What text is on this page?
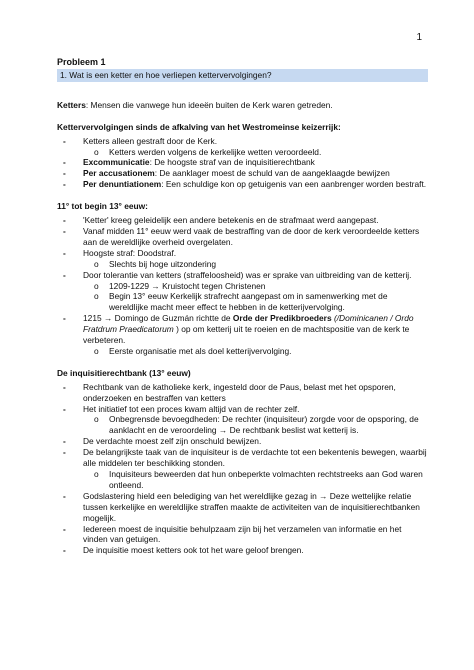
1

Probleem 1

1. Wat is een ketter en hoe verliepen kettervervolgingen?

Ketters: Mensen die vanwege hun ideeën buiten de Kerk waren getreden.

Kettervervolgingen sinds de afkalving van het Westromeinse keizerrijk:

- Ketters alleen gestraft door de Kerk.
o Ketters werden volgens de kerkelijke wetten veroordeeld.
- Excommunicatie: De hoogste straf van de inquisitierechtbank
- Per accusationem: De aanklager moest de schuld van de aangeklaagde bewijzen
- Per denuntiationem: Een schuldige kon op getuigenis van een aanbrenger worden bestraft.

11° tot begin 13° eeuw:

- 'Ketter' kreeg geleidelijk een andere betekenis en de strafmaat werd aangepast.
- Vanaf midden 11° eeuw werd vaak de bestraffing van de door de kerk veroordeelde ketters aan de wereldlijke overheid overgelaten.
- Hoogste straf: Doodstraf.
o Slechts bij hoge uitzondering
- Door tolerantie van ketters (straffeloosheid) was er sprake van uitbreiding van de ketterij.
o 1209-1229 → Kruistocht tegen Christenen
o Begin 13° eeuw Kerkelijk strafrecht aangepast om in samenwerking met de wereldlijke macht meer effect te hebben in de ketterijvervolging.
- 1215 → Domingo de Guzmán richtte de Orde der Predikbroeders (/Dominicanen / Ordo Fratdrum Praedicatorum ) op om ketterij uit te roeien en de machtspositie van de kerk te verbeteren.
o Eerste organisatie met als doel ketterijvervolging.

De inquisitierechtbank (13° eeuw)

- Rechtbank van de katholieke kerk, ingesteld door de Paus, belast met het opsporen, onderzoeken en bestraffen van ketters
- Het initiatief tot een proces kwam altijd van de rechter zelf.
o Onbegrensde bevoegdheden: De rechter (inquisiteur) zorgde voor de opsporing, de aanklacht en de veroordeling → De rechtbank beslist wat ketterij is.
- De verdachte moest zelf zijn onschuld bewijzen.
- De belangrijkste taak van de inquisiteur is de verdachte tot een bekentenis bewegen, waarbij alle middelen ter beschikking stonden.
o Inquisiteurs beweerden dat hun onbeperkte volmachten rechtstreeks aan God waren ontleend.
- Godslastering hield een belediging van het wereldlijke gezag in → Deze wettelijke relatie tussen kerkelijke en wereldlijke straffen maakte de activiteiten van de inquisitierechtbanken mogelijk.
- Iedereen moest de inquisitie behulpzaam zijn bij het verzamelen van informatie en het vinden van getuigen.
- De inquisitie moest ketters ook tot het ware geloof brengen.
